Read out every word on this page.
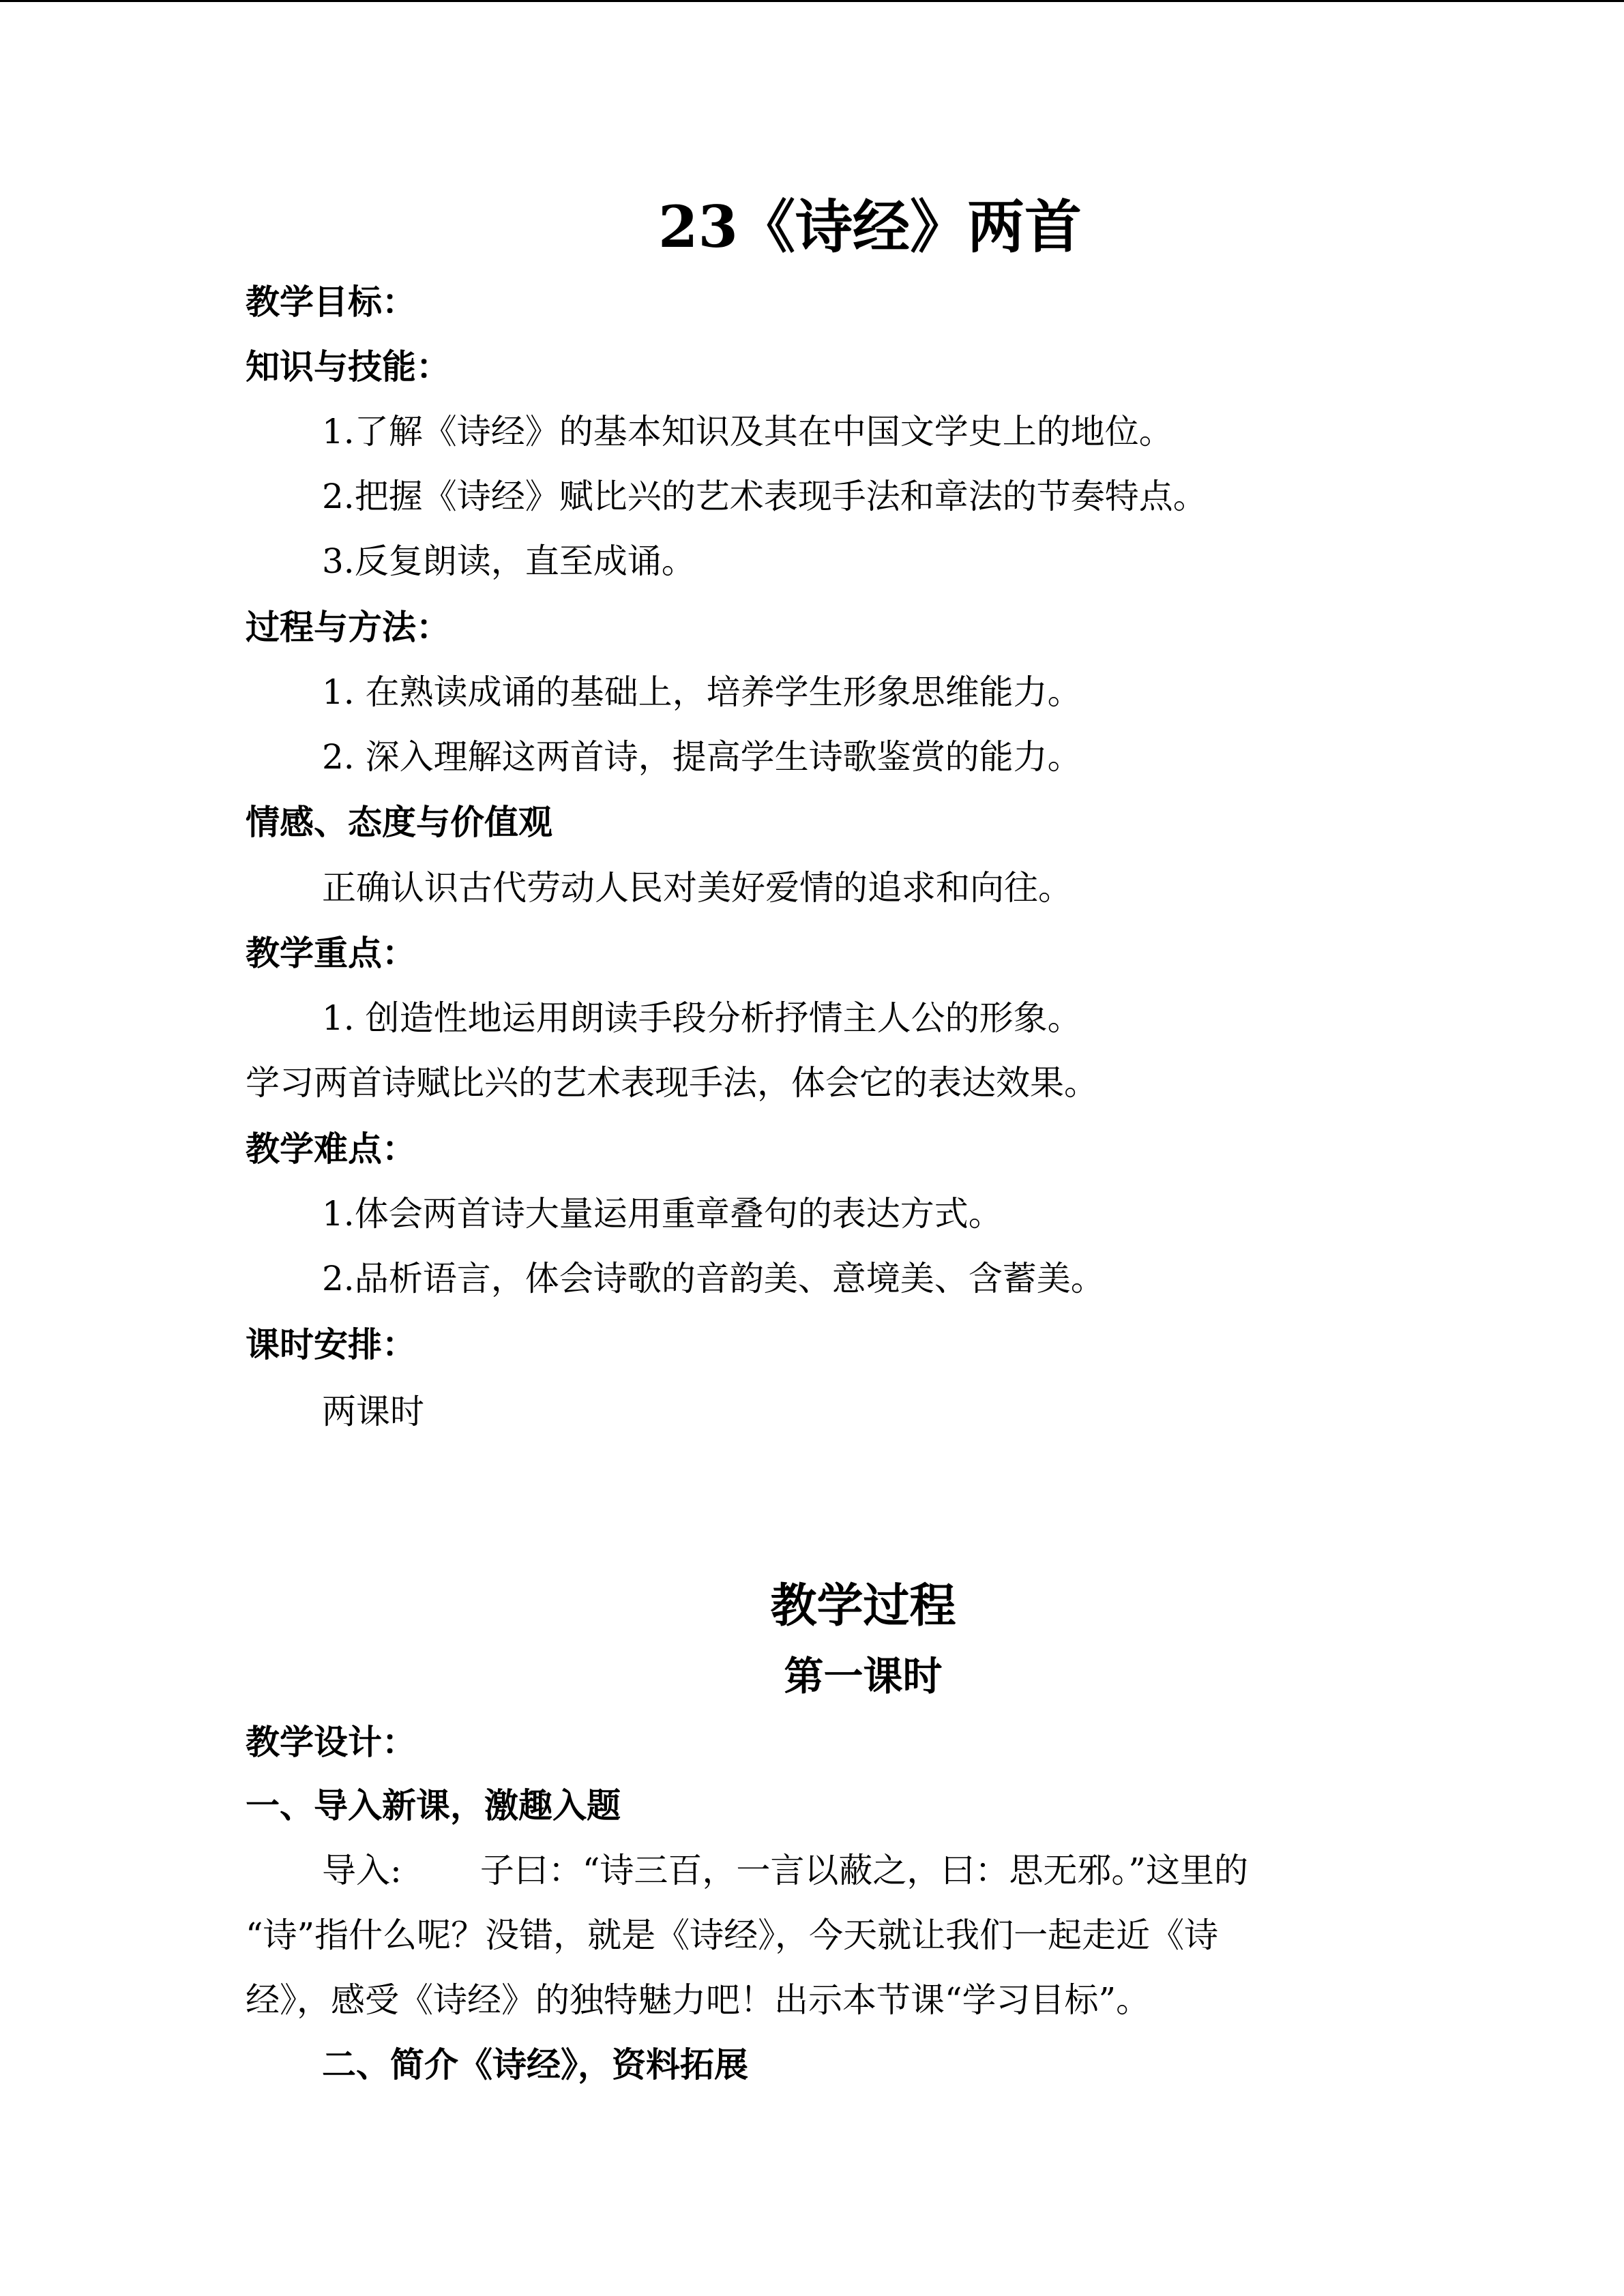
23《诗经》两首
教学目标：
知识与技能：
1.了解《诗经》的基本知识及其在中国文学史上的地位。
2.把握《诗经》赋比兴的艺术表现手法和章法的节奏特点。
3.反复朗读，直至成诵。
过程与方法：
1. 在熟读成诵的基础上，培养学生形象思维能力。
2. 深入理解这两首诗，提高学生诗歌鉴赏的能力。
情感、态度与价值观
正确认识古代劳动人民对美好爱情的追求和向往。
教学重点：
1. 创造性地运用朗读手段分析抒情主人公的形象。
学习两首诗赋比兴的艺术表现手法，体会它的表达效果。
教学难点：
1.体会两首诗大量运用重章叠句的表达方式。
2.品析语言，体会诗歌的音韵美、意境美、含蓄美。
课时安排：
两课时
教学过程
第一课时
教学设计：
一、导入新课，激趣入题
导入: 子曰：“诗三百，一言以蔽之，曰：思无邪。”这里的
“诗”指什么呢？没错，就是《诗经》，今天就让我们一起走近《诗
经》，感受《诗经》的独特魅力吧！出示本节课“学习目标”。
二、简介《诗经》，资料拓展
